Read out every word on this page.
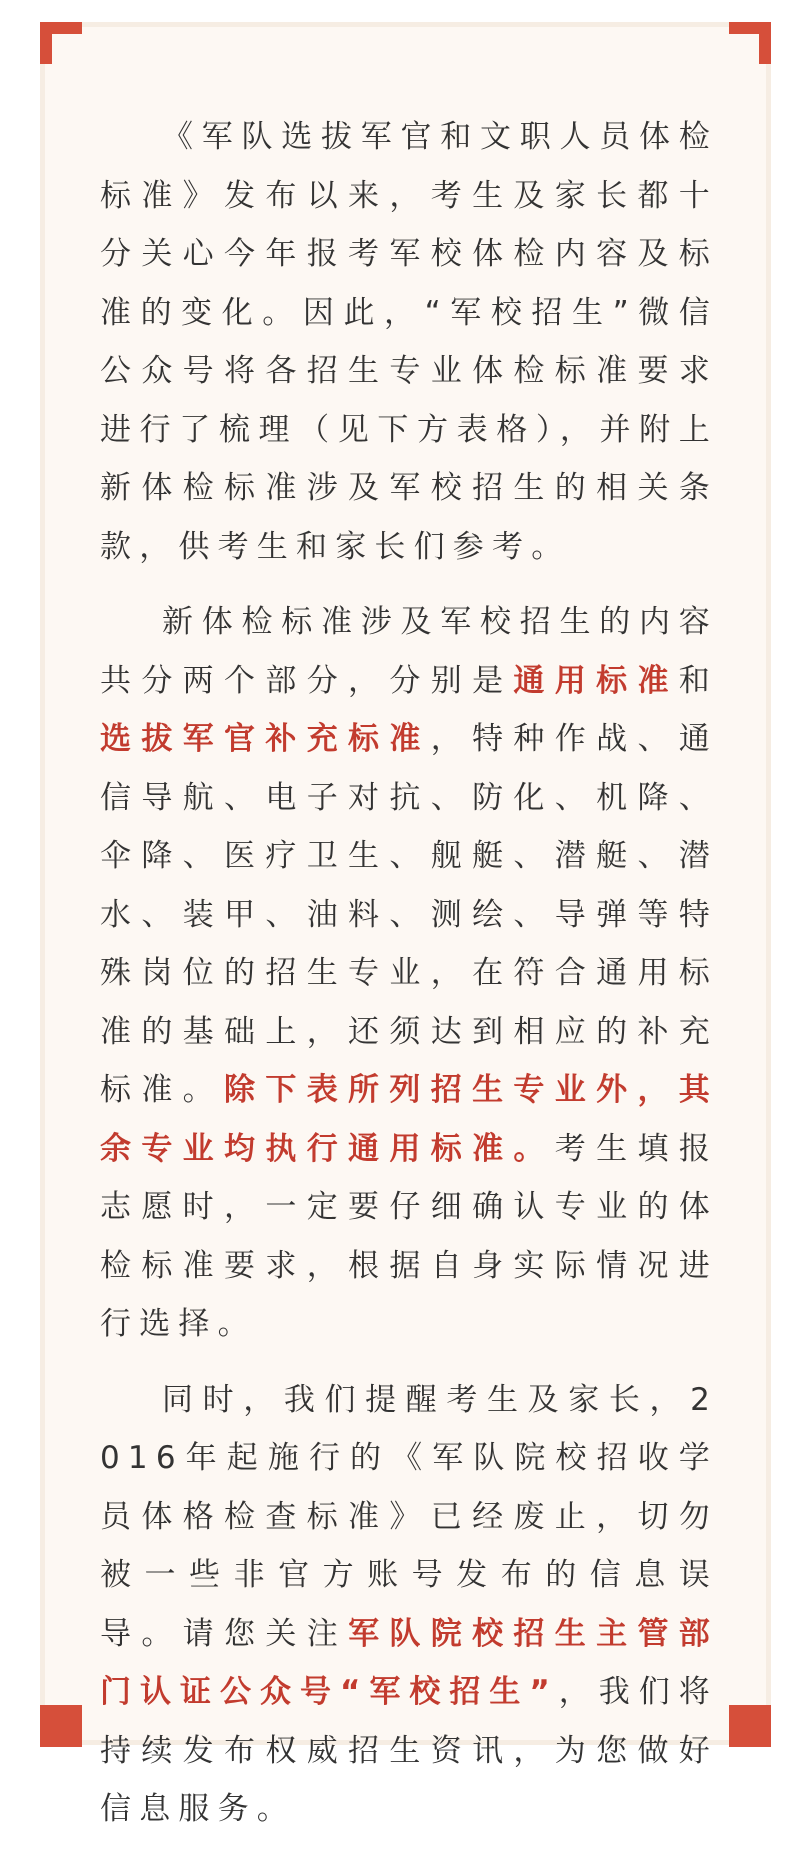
《军队选拔军官和文职人员体检标准》发布以来，考生及家长都十分关心今年报考军校体检内容及标准的变化。因此，“军校招生”微信公众号将各招生专业体检标准要求进行了梳理（见下方表格），并附上新体检标准涉及军校招生的相关条款，供考生和家长们参考。

新体检标准涉及军校招生的内容共分两个部分，分别是通用标准和选拔军官补充标准，特种作战、通信导航、电子对抗、防化、机降、伞降、医疗卫生、舰艇、潜艇、潜水、装甲、油料、测绘、导弹等特殊岗位的招生专业，在符合通用标准的基础上，还须达到相应的补充标准。除下表所列招生专业外，其余专业均执行通用标准。考生填报志愿时，一定要仔细确认专业的体检标准要求，根据自身实际情况进行选择。

同时，我们提醒考生及家长，2016年起施行的《军队院校招收学员体格检查标准》已经废止，切勿被一些非官方账号发布的信息误导。请您关注军队院校招生主管部门认证公众号“军校招生”，我们将持续发布权威招生资讯，为您做好信息服务。
